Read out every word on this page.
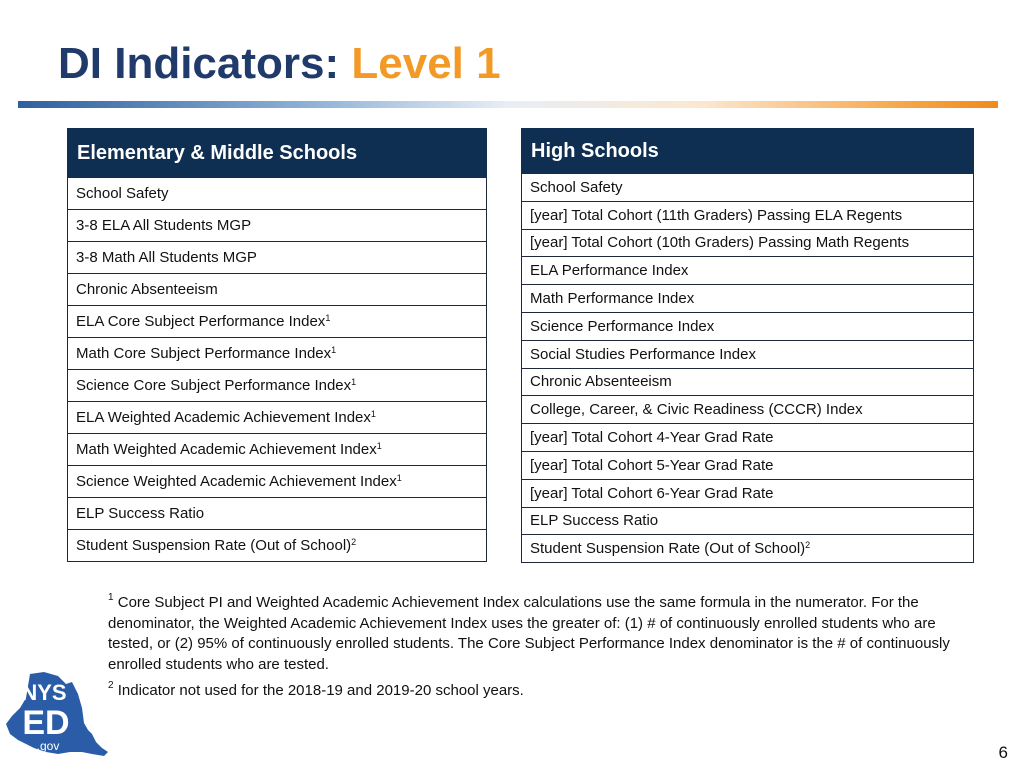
DI Indicators: Level 1
Elementary & Middle Schools
School Safety
3-8 ELA All Students MGP
3-8 Math All Students MGP
Chronic Absenteeism
ELA Core Subject Performance Index$^1$
Math Core Subject Performance Index$^1$
Science Core Subject Performance Index$^1$
ELA Weighted Academic Achievement Index$^1$
Math Weighted Academic Achievement Index$^1$
Science Weighted Academic Achievement Index$^1$
ELP Success Ratio
Student Suspension Rate (Out of School)$^2$
High Schools
School Safety
[year] Total Cohort (11th Graders) Passing ELA Regents
[year] Total Cohort (10th Graders) Passing Math Regents
ELA Performance Index
Math Performance Index
Science Performance Index
Social Studies Performance Index
Chronic Absenteeism
College, Career, & Civic Readiness (CCCR) Index
[year] Total Cohort 4-Year Grad Rate
[year] Total Cohort 5-Year Grad Rate
[year] Total Cohort 6-Year Grad Rate
ELP Success Ratio
Student Suspension Rate (Out of School)$^2$

$^1$ Core Subject PI and Weighted Academic Achievement Index calculations use the same formula in the numerator. For the denominator, the Weighted Academic Achievement Index uses the greater of: (1) # of continuously enrolled students who are tested, or (2) 95% of continuously enrolled students. The Core Subject Performance Index denominator is the # of continuously enrolled students who are tested.

$^2$ Indicator not used for the 2018-19 and 2019-20 school years.

NYS
ED
.gov	6
